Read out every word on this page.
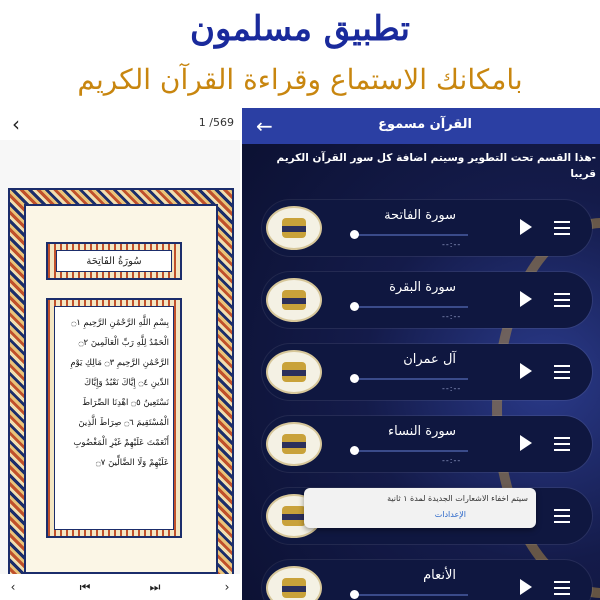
تطبيق مسلمون
بامكانك الاستماع وقراءة القرآن الكريم
‹	1 /569
سُورَةُ الفَاتِحَة
بِسْمِ اللَّهِ الرَّحْمَٰنِ الرَّحِيمِ ۝١
الْحَمْدُ لِلَّهِ رَبِّ الْعَالَمِينَ ۝٢
الرَّحْمَٰنِ الرَّحِيمِ ۝٣ مَالِكِ يَوْمِ
الدِّينِ ۝٤ إِيَّاكَ نَعْبُدُ وَإِيَّاكَ
نَسْتَعِينُ ۝٥ اهْدِنَا الصِّرَاطَ
الْمُسْتَقِيمَ ۝٦ صِرَاطَ الَّذِينَ
أَنْعَمْتَ عَلَيْهِمْ غَيْرِ الْمَغْضُوبِ
عَلَيْهِمْ وَلَا الضَّالِّينَ ۝٧
‹	⏮	⏭	›
←	القرآن مسموع
-هذا القسم تحت التطوير وسيتم اضافة كل سور القرآن الكريم قريبا
سورة الفاتحة
--:--
سورة البقرة
--:--
آل عمران
--:--
سورة النساء
--:--
الأنعام
سيتم اخفاء الاشعارات الجديدة لمدة ١ ثانية
الإعدادات
